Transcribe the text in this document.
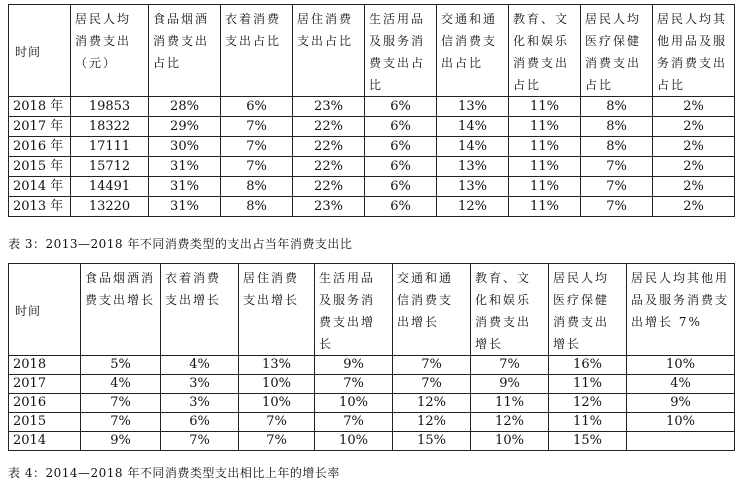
时间	居民人均消费支出（元）	食品烟酒消费支出占比	衣着消费支出占比	居住消费支出占比	生活用品及服务消费支出占比	交通和通信消费支出占比	教育、文化和娱乐消费支出占比	居民人均医疗保健消费支出占比	居民人均其他用品及服务消费支出占比
2018 年	19853	28%	6%	23%	6%	13%	11%	8%	2%
2017 年	18322	29%	7%	22%	6%	14%	11%	8%	2%
2016 年	17111	30%	7%	22%	6%	14%	11%	8%	2%
2015 年	15712	31%	7%	22%	6%	13%	11%	7%	2%
2014 年	14491	31%	8%	22%	6%	13%	11%	7%	2%
2013 年	13220	31%	8%	23%	6%	12%	11%	7%	2%
表 3：2013—2018 年不同消费类型的支出占当年消费支出比
时间	食品烟酒消费支出增长	衣着消费支出增长	居住消费支出增长	生活用品及服务消费支出增长	交通和通信消费支出增长	教育、文化和娱乐消费支出增长	居民人均医疗保健消费支出增长	居民人均其他用品及服务消费支出增长 7%
2018	5%	4%	13%	9%	7%	7%	16%	10%
2017	4%	3%	10%	7%	7%	9%	11%	4%
2016	7%	3%	10%	10%	12%	11%	12%	9%
2015	7%	6%	7%	7%	12%	12%	11%	10%
2014	9%	7%	7%	10%	15%	10%	15%	
表 4：2014—2018 年不同消费类型支出相比上年的增长率
